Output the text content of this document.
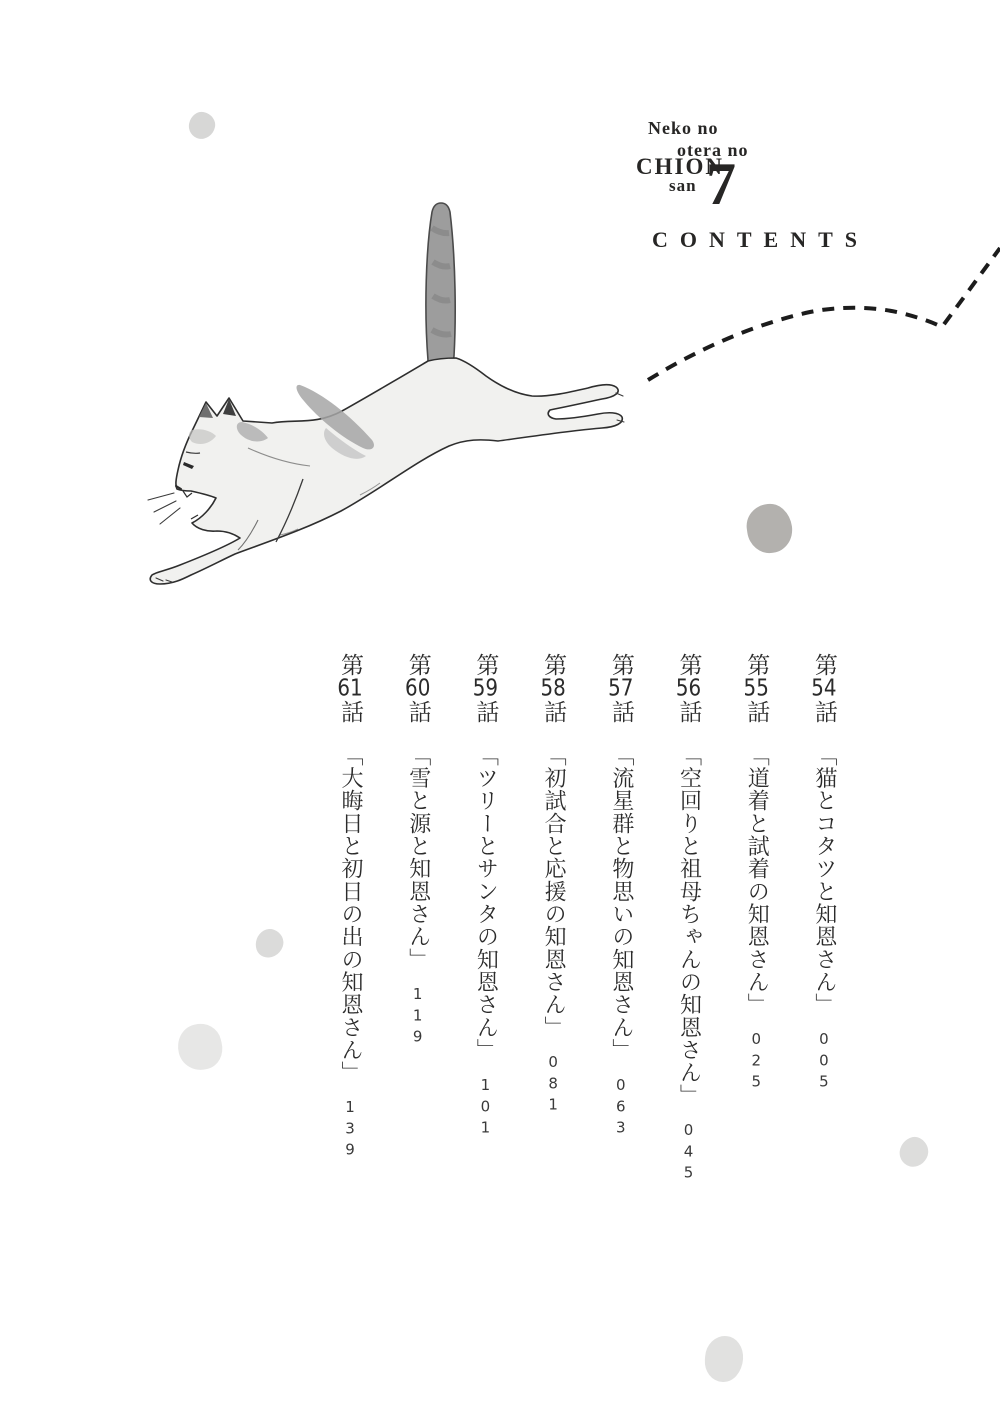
Neko no
otera no
CHION
san 7
CONTENTS
第54話「猫とコタツと知恩さん」005
第55話「道着と試着の知恩さん」025
第56話「空回りと祖母ちゃんの知恩さん」045
第57話「流星群と物思いの知恩さん」063
第58話「初試合と応援の知恩さん」081
第59話「ツリーとサンタの知恩さん」101
第60話「雪と源と知恩さん」119
第61話「大晦日と初日の出の知恩さん」139
